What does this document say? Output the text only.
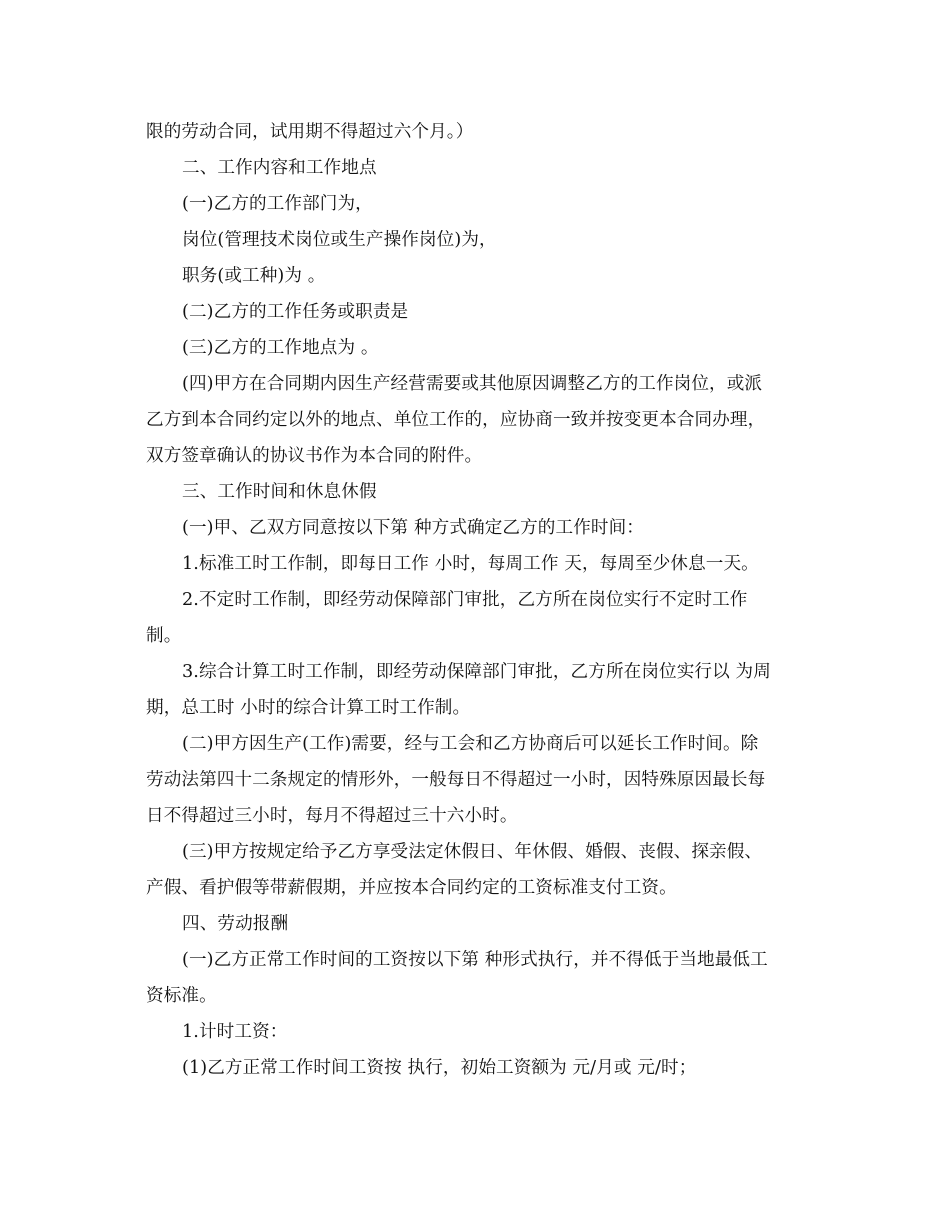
限的劳动合同，试用期不得超过六个月。）
二、工作内容和工作地点
(一)乙方的工作部门为，
岗位(管理技术岗位或生产操作岗位)为，
职务(或工种)为 。
(二)乙方的工作任务或职责是
(三)乙方的工作地点为 。
(四)甲方在合同期内因生产经营需要或其他原因调整乙方的工作岗位，或派
乙方到本合同约定以外的地点、单位工作的，应协商一致并按变更本合同办理，
双方签章确认的协议书作为本合同的附件。
三、工作时间和休息休假
(一)甲、乙双方同意按以下第 种方式确定乙方的工作时间：
1.标准工时工作制，即每日工作 小时，每周工作 天，每周至少休息一天。
2.不定时工作制，即经劳动保障部门审批，乙方所在岗位实行不定时工作
制。
3.综合计算工时工作制，即经劳动保障部门审批，乙方所在岗位实行以 为周
期，总工时 小时的综合计算工时工作制。
(二)甲方因生产(工作)需要，经与工会和乙方协商后可以延长工作时间。除
劳动法第四十二条规定的情形外，一般每日不得超过一小时，因特殊原因最长每
日不得超过三小时，每月不得超过三十六小时。
(三)甲方按规定给予乙方享受法定休假日、年休假、婚假、丧假、探亲假、
产假、看护假等带薪假期，并应按本合同约定的工资标准支付工资。
四、劳动报酬
(一)乙方正常工作时间的工资按以下第 种形式执行，并不得低于当地最低工
资标准。
1.计时工资：
(1)乙方正常工作时间工资按 执行，初始工资额为 元/月或 元/时；
